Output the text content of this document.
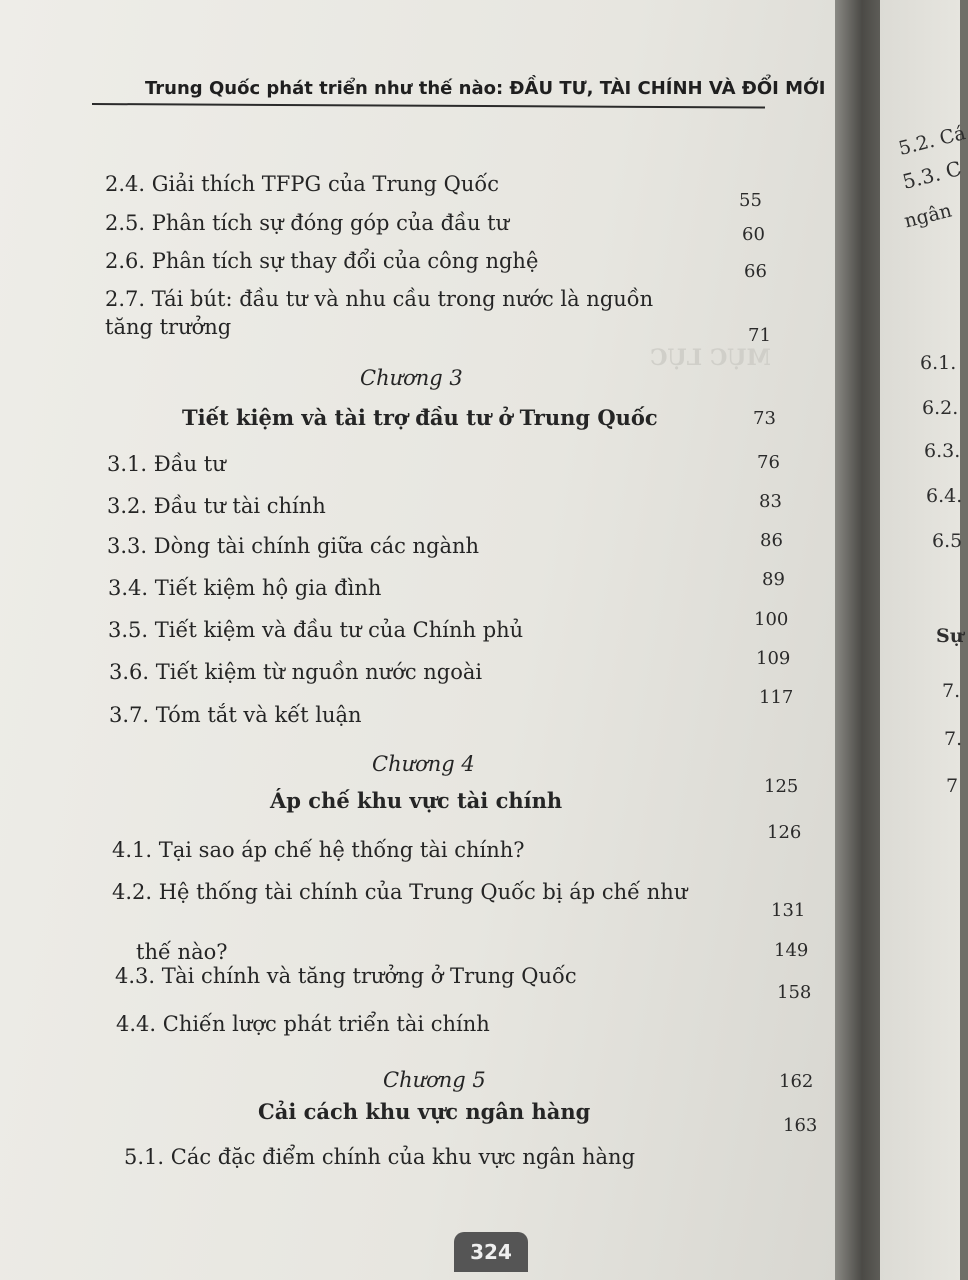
MỤC LỤC
Trung Quốc phát triển như thế nào: ĐẦU TƯ, TÀI CHÍNH VÀ ĐỔI MỚI
2.4. Giải thích TFPG của Trung Quốc
2.5. Phân tích sự đóng góp của đầu tư
2.6. Phân tích sự thay đổi của công nghệ
2.7. Tái bút: đầu tư và nhu cầu trong nước là nguồn
tăng trưởng
Chương 3
Tiết kiệm và tài trợ đầu tư ở Trung Quốc
3.1. Đầu tư
3.2. Đầu tư tài chính
3.3. Dòng tài chính giữa các ngành
3.4. Tiết kiệm hộ gia đình
3.5. Tiết kiệm và đầu tư của Chính phủ
3.6. Tiết kiệm từ nguồn nước ngoài
3.7. Tóm tắt và kết luận
Chương 4
Áp chế khu vực tài chính
4.1. Tại sao áp chế hệ thống tài chính?
4.2. Hệ thống tài chính của Trung Quốc bị áp chế như
thế nào?
4.3. Tài chính và tăng trưởng ở Trung Quốc
4.4. Chiến lược phát triển tài chính
Chương 5
Cải cách khu vực ngân hàng
5.1. Các đặc điểm chính của khu vực ngân hàng
55
60
66
71
73
76
83
86
89
100
109
117
125
126
131
149
158
162
163
324
5.2. Cá
5.3. C
ngân
6.1.
6.2.
6.3.
6.4.
6.5
Sự
7.
7.
7
